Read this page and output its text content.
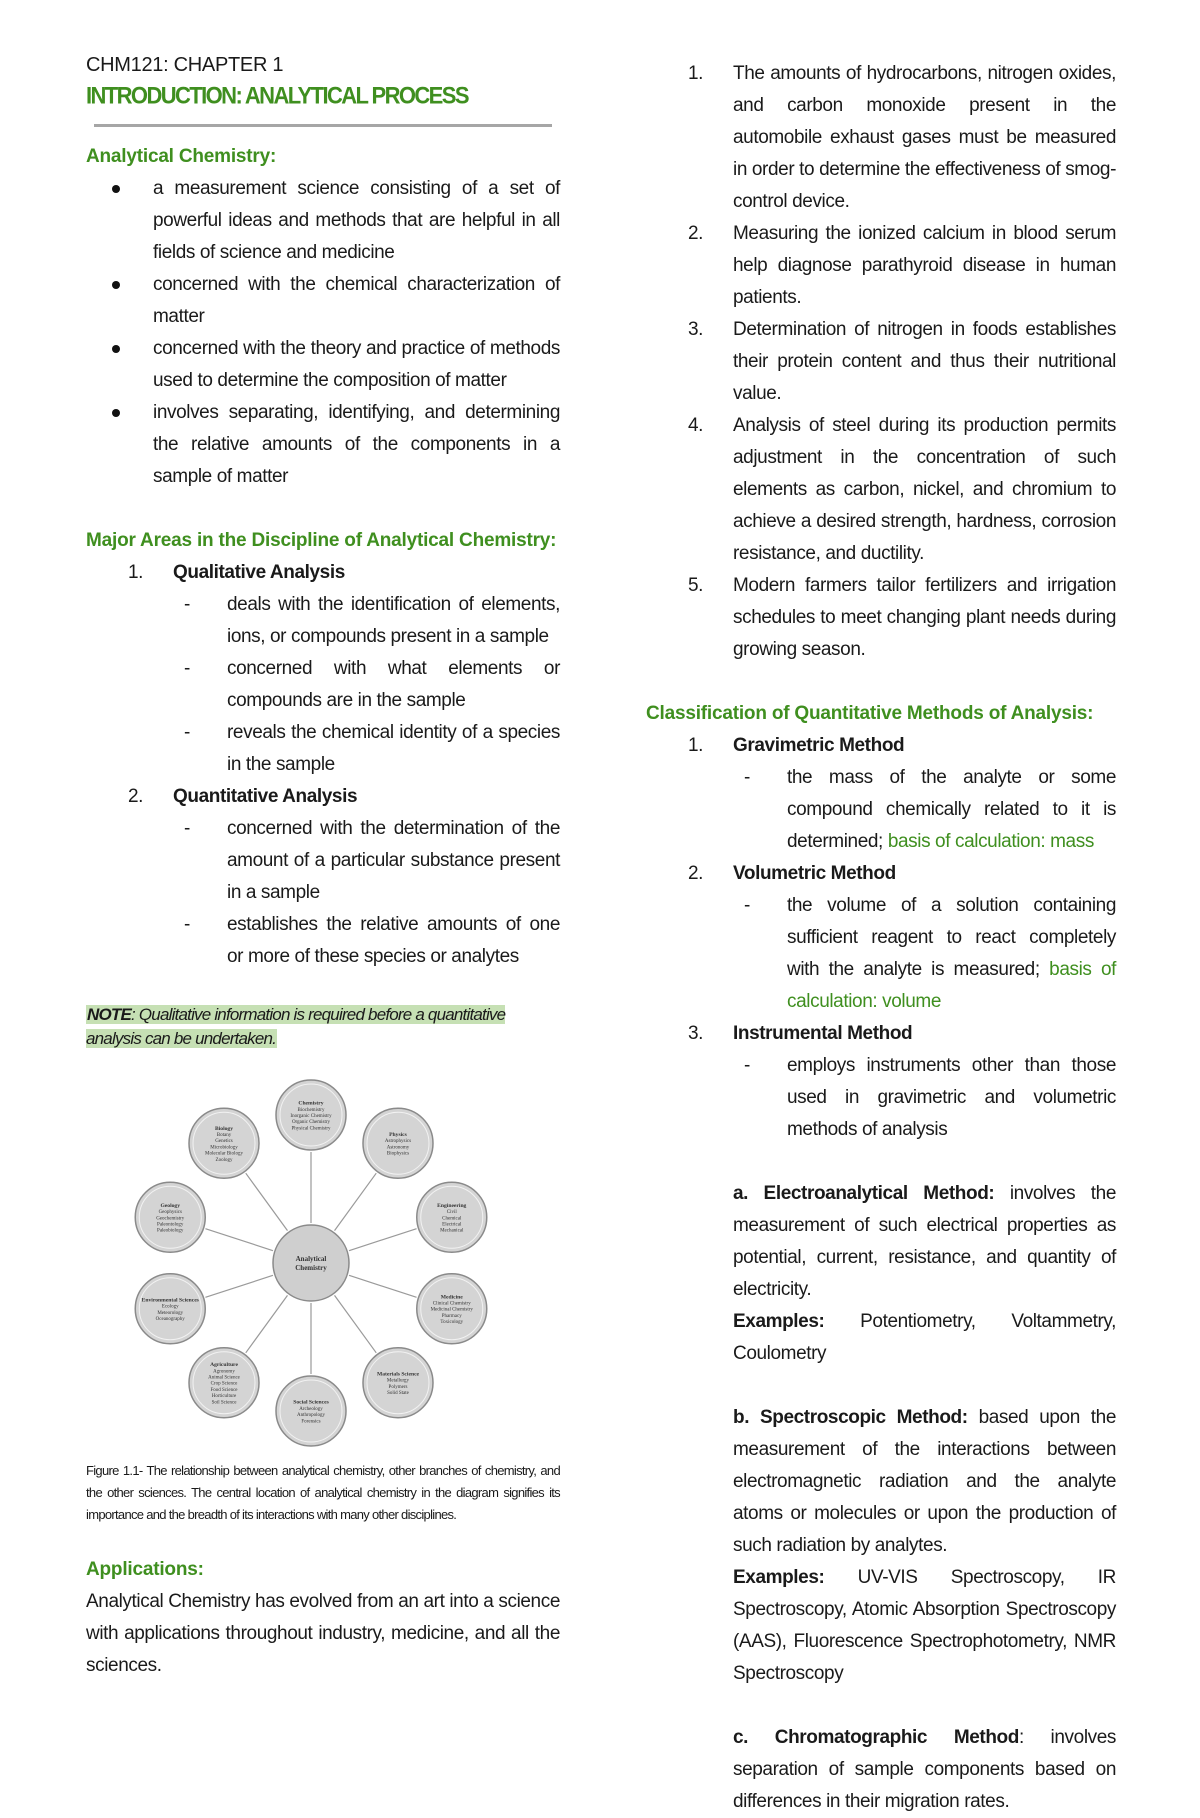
CHM121: CHAPTER 1
INTRODUCTION: ANALYTICAL PROCESS
Analytical Chemistry:
a measurement science consisting of a set of powerful ideas and methods that are helpful in all fields of science and medicine
concerned with the chemical characterization of matter
concerned with the theory and practice of methods used to determine the composition of matter
involves separating, identifying, and determining the relative amounts of the components in a sample of matter
Major Areas in the Discipline of Analytical Chemistry:
1. Qualitative Analysis
- deals with the identification of elements, ions, or compounds present in a sample
- concerned with what elements or compounds are in the sample
- reveals the chemical identity of a species in the sample
2. Quantitative Analysis
- concerned with the determination of the amount of a particular substance present in a sample
- establishes the relative amounts of one or more of these species or analytes
NOTE: Qualitative information is required before a quantitative analysis can be undertaken.
Chemistry
Biochemistry
Inorganic Chemistry
Organic Chemistry
Physical Chemistry
Physics
Astrophysics
Astronomy
Biophysics
Engineering
Civil
Chemical
Electrical
Mechanical
Medicine
Clinical Chemistry
Medicinal Chemistry
Pharmacy
Toxicology
Materials Science
Metallurgy
Polymers
Solid State
Social Sciences
Archeology
Anthropology
Forensics
Agriculture
Agronomy
Animal Science
Crop Science
Food Science
Horticulture
Soil Science
Environmental Sciences
Ecology
Meteorology
Oceanography
Geology
Geophysics
Geochemistry
Paleontology
Paleobiology
Biology
Botany
Genetics
Microbiology
Molecular Biology
Zoology
Analytical
Chemistry
Figure 1.1- The relationship between analytical chemistry, other branches of chemistry, and the other sciences. The central location of analytical chemistry in the diagram signifies its importance and the breadth of its interactions with many other disciplines.
Applications:

Analytical Chemistry has evolved from an art into a science with applications throughout industry, medicine, and all the sciences.

1. The amounts of hydrocarbons, nitrogen oxides, and carbon monoxide present in the automobile exhaust gases must be measured in order to determine the effectiveness of smog-control device.
2. Measuring the ionized calcium in blood serum help diagnose parathyroid disease in human patients.
3. Determination of nitrogen in foods establishes their protein content and thus their nutritional value.
4. Analysis of steel during its production permits adjustment in the concentration of such elements as carbon, nickel, and chromium to achieve a desired strength, hardness, corrosion resistance, and ductility.
5. Modern farmers tailor fertilizers and irrigation schedules to meet changing plant needs during growing season.
Classification of Quantitative Methods of Analysis:
1. Gravimetric Method
- the mass of the analyte or some compound chemically related to it is determined; basis of calculation: mass
2. Volumetric Method
- the volume of a solution containing sufficient reagent to react completely with the analyte is measured; basis of calculation: volume
3. Instrumental Method
- employs instruments other than those used in gravimetric and volumetric methods of analysis

a. Electroanalytical Method: involves the measurement of such electrical properties as potential, current, resistance, and quantity of electricity.

Examples: Potentiometry, Voltammetry, Coulometry

b. Spectroscopic Method: based upon the measurement of the interactions between electromagnetic radiation and the analyte atoms or molecules or upon the production of such radiation by analytes.

Examples: UV-VIS Spectroscopy, IR Spectroscopy, Atomic Absorption Spectroscopy (AAS), Fluorescence Spectrophotometry, NMR Spectroscopy

c. Chromatographic Method: involves separation of sample components based on differences in their migration rates.
